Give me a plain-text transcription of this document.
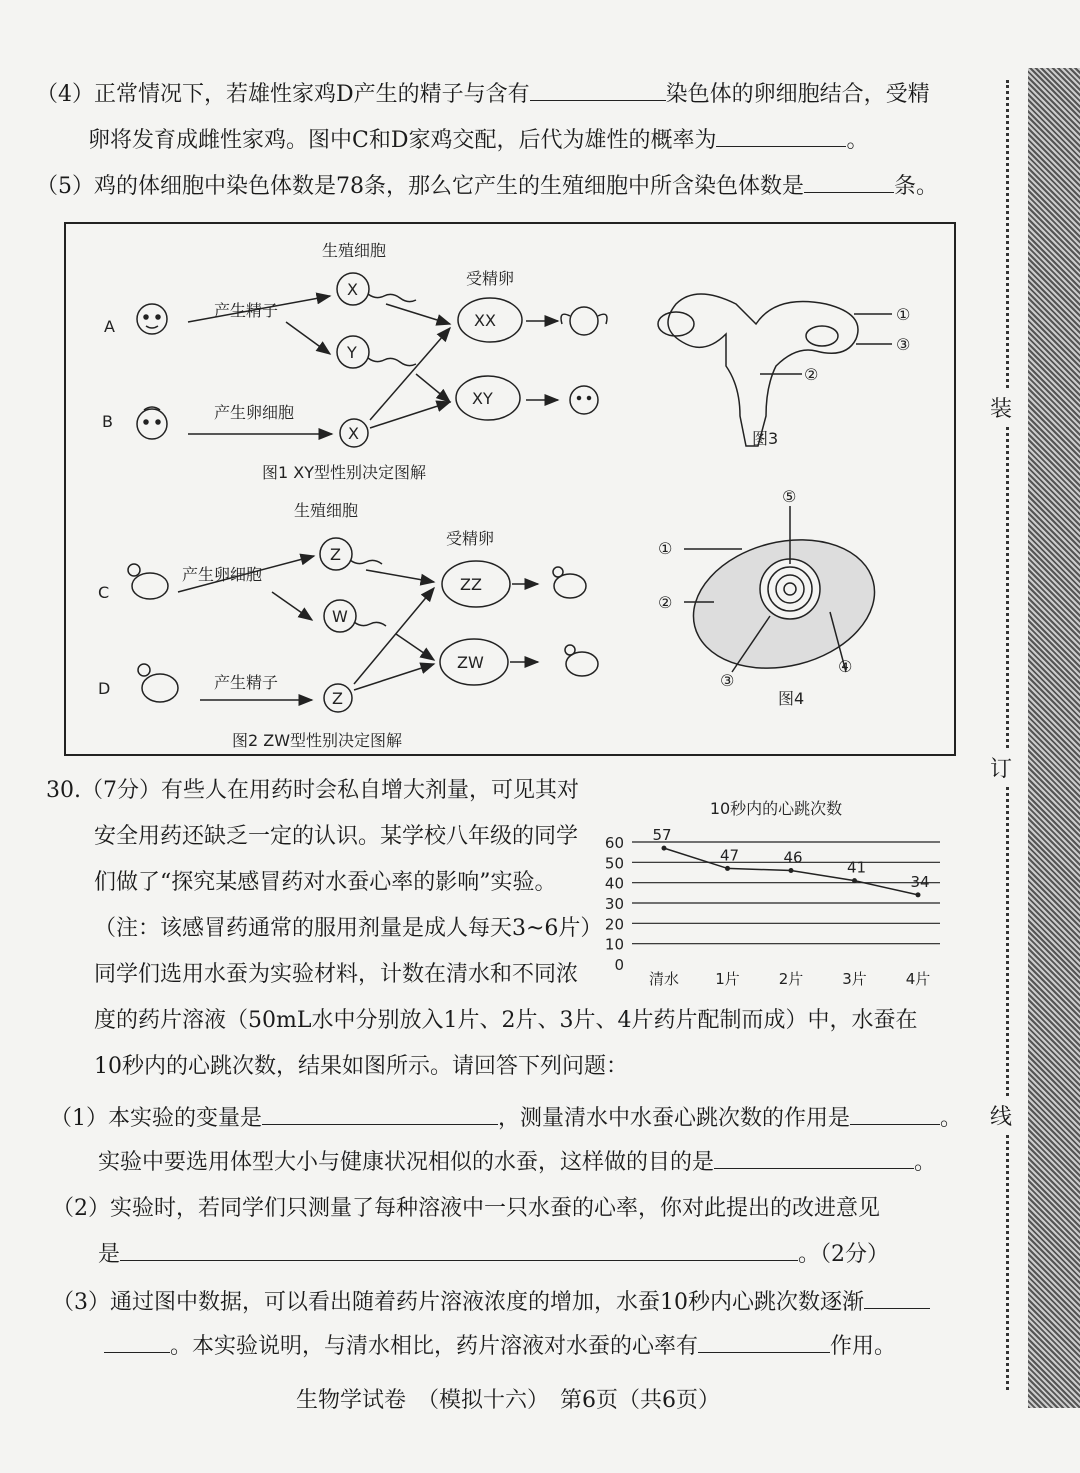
装
订
线
（4）正常情况下，若雄性家鸡D产生的精子与含有	染色体的卵细胞结合，受精
卵将发育成雌性家鸡。图中C和D家鸡交配，后代为雄性的概率为	。
（5）鸡的体细胞中染色体数是78条，那么它产生的生殖细胞中所含染色体数是	条。
生殖细胞
受精卵
A
B
产生精子
产生卵细胞
X
Y
X
XX
XY
图1 XY型性别决定图解
①
③
②
图3
生殖细胞
受精卵
C
D
产生卵细胞
产生精子
Z
W
Z
ZZ
ZW
图2 ZW型性别决定图解
①
②
③
④
⑤
图4
30.（7分）有些人在用药时会私自增大剂量，可见其对
安全用药还缺乏一定的认识。某学校八年级的同学
们做了“探究某感冒药对水蚕心率的影响”实验。
（注：该感冒药通常的服用剂量是成人每天3~6片）
同学们选用水蚕为实验材料，计数在清水和不同浓
度的药片溶液（50mL水中分别放入1片、2片、3片、4片药片配制而成）中，水蚕在
10秒内的心跳次数，结果如图所示。请回答下列问题：
10秒内的心跳次数
0
10
20
30
40
50
60
清水 1片	2片	3片	4片
57
47	46
41
34
（1）本实验的变量是	，测量清水中水蚕心跳次数的作用是	。
实验中要选用体型大小与健康状况相似的水蚕，这样做的目的是	。
（2）实验时，若同学们只测量了每种溶液中一只水蚕的心率，你对此提出的改进意见
是	。（2分）
（3）通过图中数据，可以看出随着药片溶液浓度的增加，水蚕10秒内心跳次数逐渐
。本实验说明，与清水相比，药片溶液对水蚕的心率有	作用。
生物学试卷　（模拟十六）　第6页（共6页）
